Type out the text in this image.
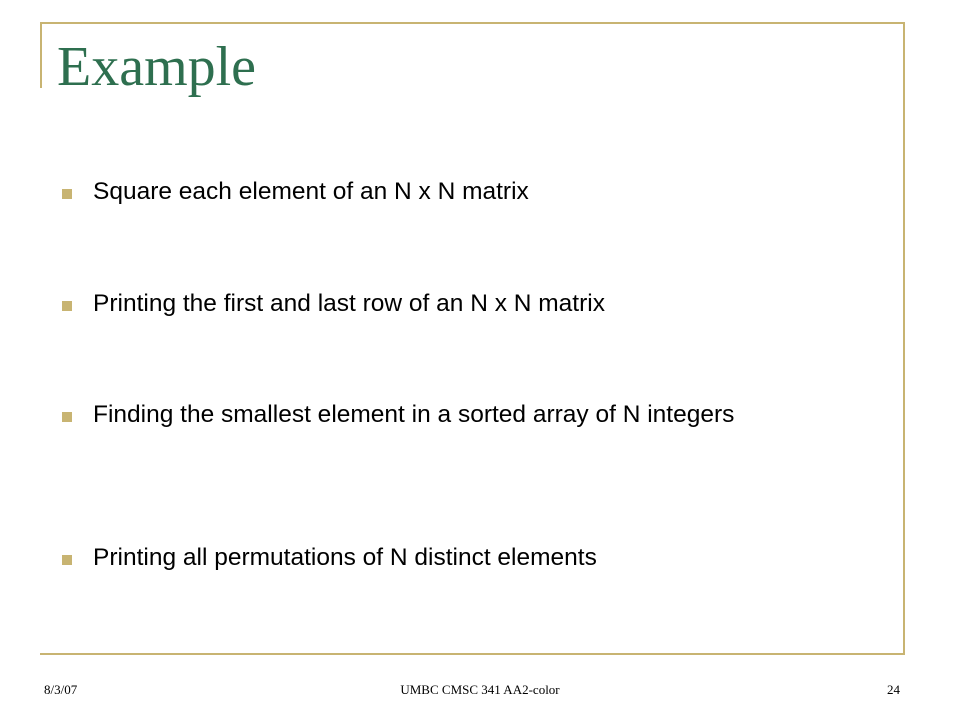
Example
Square each element of an N x N matrix
Printing the first and last row of an N x N matrix
Finding the smallest element in a sorted array of N integers
Printing all permutations of N distinct elements
8/3/07	UMBC CMSC 341 AA2-color	24
